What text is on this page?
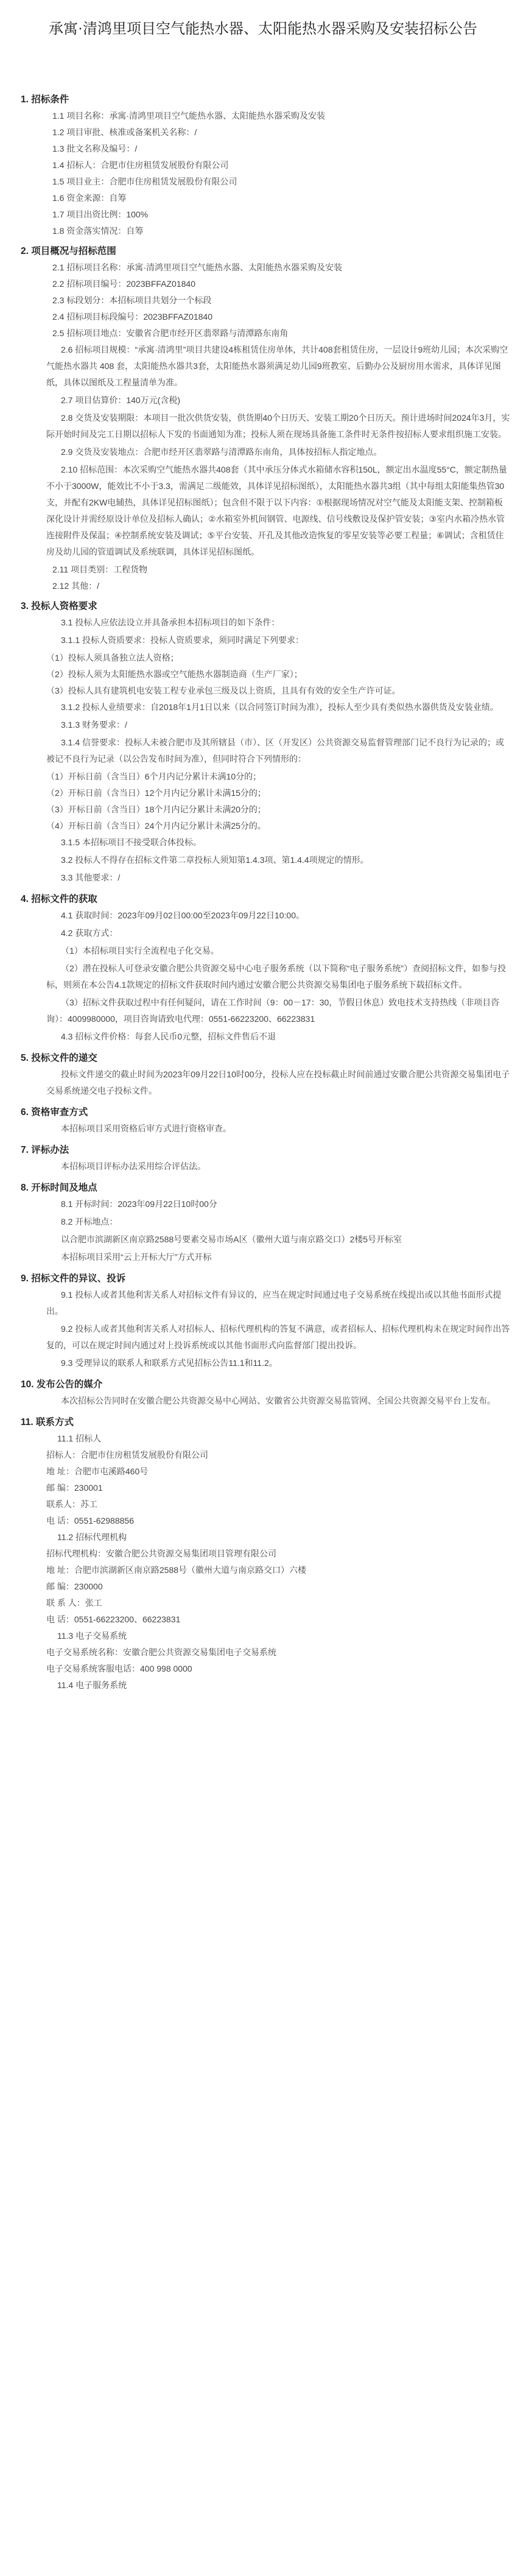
承寓·清鸿里项目空气能热水器、太阳能热水器采购及安装招标公告
1. 招标条件
1.1 项目名称：承寓·清鸿里项目空气能热水器、太阳能热水器采购及安装
1.2 项目审批、核准或备案机关名称：/
1.3 批文名称及编号：/
1.4 招标人：合肥市住房租赁发展股份有限公司
1.5 项目业主：合肥市住房租赁发展股份有限公司
1.6 资金来源：自筹
1.7 项目出资比例：100%
1.8 资金落实情况：自筹
2. 项目概况与招标范围
2.1 招标项目名称：承寓·清鸿里项目空气能热水器、太阳能热水器采购及安装
2.2 招标项目编号：2023BFFAZ01840
2.3 标段划分：本招标项目共划分一个标段
2.4 招标项目标段编号：2023BFFAZ01840
2.5 招标项目地点：安徽省合肥市经开区翡翠路与清潭路东南角
2.6 招标项目规模：“承寓·清鸿里”项目共建设4栋租赁住房单体，共计408套租赁住房，一层设计9班幼儿园；本次采购空气能热水器共 408 套，太阳能热水器共3套，太阳能热水器须满足幼儿园9班教室、后勤办公及厨房用水需求，具体详见图纸，具体以图纸及工程量清单为准。
2.7 项目估算价：140万元(含税)
2.8 交货及安装期限：本项目一批次供货安装，供货期40个日历天、安装工期20个日历天。预计进场时间2024年3月，实际开始时间及完工日期以招标人下发的书面通知为准；投标人须在现场具备施工条件时无条件按招标人要求组织施工安装。
2.9 交货及安装地点：合肥市经开区翡翠路与清潭路东南角，具体按招标人指定地点。
2.10 招标范围：本次采购空气能热水器共408套（其中承压分体式水箱储水容积150L，额定出水温度55°C，额定制热量不小于3000W，能效比不小于3.3，需满足二级能效，具体详见招标图纸），太阳能热水器共3组（其中每组太阳能集热管30支，并配有2KW电辅热，具体详见招标图纸）；包含但不限于以下内容：①根据现场情况对空气能及太阳能支架、控制箱板深化设计并需经原设计单位及招标人确认；②水箱室外机间钢管、电源线、信号线敷设及保护管安装；③室内水箱冷热水管连接附件及保温；④控制系统安装及调试；⑤平台安装、开孔及其他改造恢复的零星安装等必要工程量；⑥调试；含租赁住房及幼儿园的管道调试及系统联调，具体详见招标图纸。
2.11 项目类别：工程货物
2.12 其他：/
3. 投标人资格要求
3.1 投标人应依法设立并具备承担本招标项目的如下条件：
3.1.1 投标人资质要求：投标人资质要求，须同时满足下列要求：
（1）投标人须具备独立法人资格；
（2）投标人须为太阳能热水器或空气能热水器制造商（生产厂家）；
（3）投标人具有建筑机电安装工程专业承包三级及以上资质，且具有有效的安全生产许可证。
3.1.2 投标人业绩要求：自2018年1月1日以来（以合同签订时间为准），投标人至少具有类似热水器供货及安装业绩。
3.1.3 财务要求：/
3.1.4 信誉要求：投标人未被合肥市及其所辖县（市）、区（开发区）公共资源交易监督管理部门记不良行为记录的；或被记不良行为记录（以公告发布时间为准），但同时符合下列情形的：
（1）开标日前（含当日）6个月内记分累计未满10分的；
（2）开标日前（含当日）12个月内记分累计未满15分的；
（3）开标日前（含当日）18个月内记分累计未满20分的；
（4）开标日前（含当日）24个月内记分累计未满25分的。
3.1.5 本招标项目不接受联合体投标。
3.2 投标人不得存在招标文件第二章投标人须知第1.4.3项、第1.4.4项规定的情形。
3.3 其他要求：/
4. 招标文件的获取
4.1 获取时间：2023年09月02日00:00至2023年09月22日10:00。
4.2 获取方式：
（1）本招标项目实行全流程电子化交易。
（2）潜在投标人可登录安徽合肥公共资源交易中心电子服务系统（以下简称“电子服务系统”）查阅招标文件，如参与投标，则须在本公告4.1款规定的招标文件获取时间内通过安徽合肥公共资源交易集团电子服务系统下载招标文件。
（3）招标文件获取过程中有任何疑问，请在工作时间（9：00－17：30，节假日休息）致电技术支持热线（非项目咨询）：4009980000，项目咨询请致电代理：0551-66223200、66223831
4.3 招标文件价格：每套人民币0元整，招标文件售后不退
5. 投标文件的递交
投标文件递交的截止时间为2023年09月22日10时00分，投标人应在投标截止时间前通过安徽合肥公共资源交易集团电子交易系统递交电子投标文件。
6. 资格审查方式
本招标项目采用资格后审方式进行资格审查。
7. 评标办法
本招标项目评标办法采用综合评估法。
8. 开标时间及地点
8.1 开标时间：2023年09月22日10时00分
8.2 开标地点：
以合肥市滨湖新区南京路2588号要素交易市场A区（徽州大道与南京路交口）2楼5号开标室
本招标项目采用“云上开标大厅”方式开标
9. 招标文件的异议、投诉
9.1 投标人或者其他利害关系人对招标文件有异议的，应当在规定时间通过电子交易系统在线提出或以其他书面形式提出。
9.2 投标人或者其他利害关系人对招标人、招标代理机构的答复不满意，或者招标人、招标代理机构未在规定时间作出答复的，可以在规定时间内通过对上投诉系统或以其他书面形式向监督部门提出投诉。
9.3 受理异议的联系人和联系方式见招标公告11.1和11.2。
10. 发布公告的媒介
本次招标公告同时在安徽合肥公共资源交易中心网站、安徽省公共资源交易监管网、全国公共资源交易平台上发布。
11. 联系方式
11.1 招标人
招标人：合肥市住房租赁发展股份有限公司
地 址：合肥市屯溪路460号
邮 编：230001
联系人：苏工
电 话：0551-62988856
11.2 招标代理机构
招标代理机构：安徽合肥公共资源交易集团项目管理有限公司
地 址：合肥市滨湖新区南京路2588号（徽州大道与南京路交口）六楼
邮 编：230000
联 系 人：张工
电 话：0551-66223200、66223831
11.3 电子交易系统
电子交易系统名称：安徽合肥公共资源交易集团电子交易系统
电子交易系统客服电话：400 998 0000
11.4 电子服务系统
